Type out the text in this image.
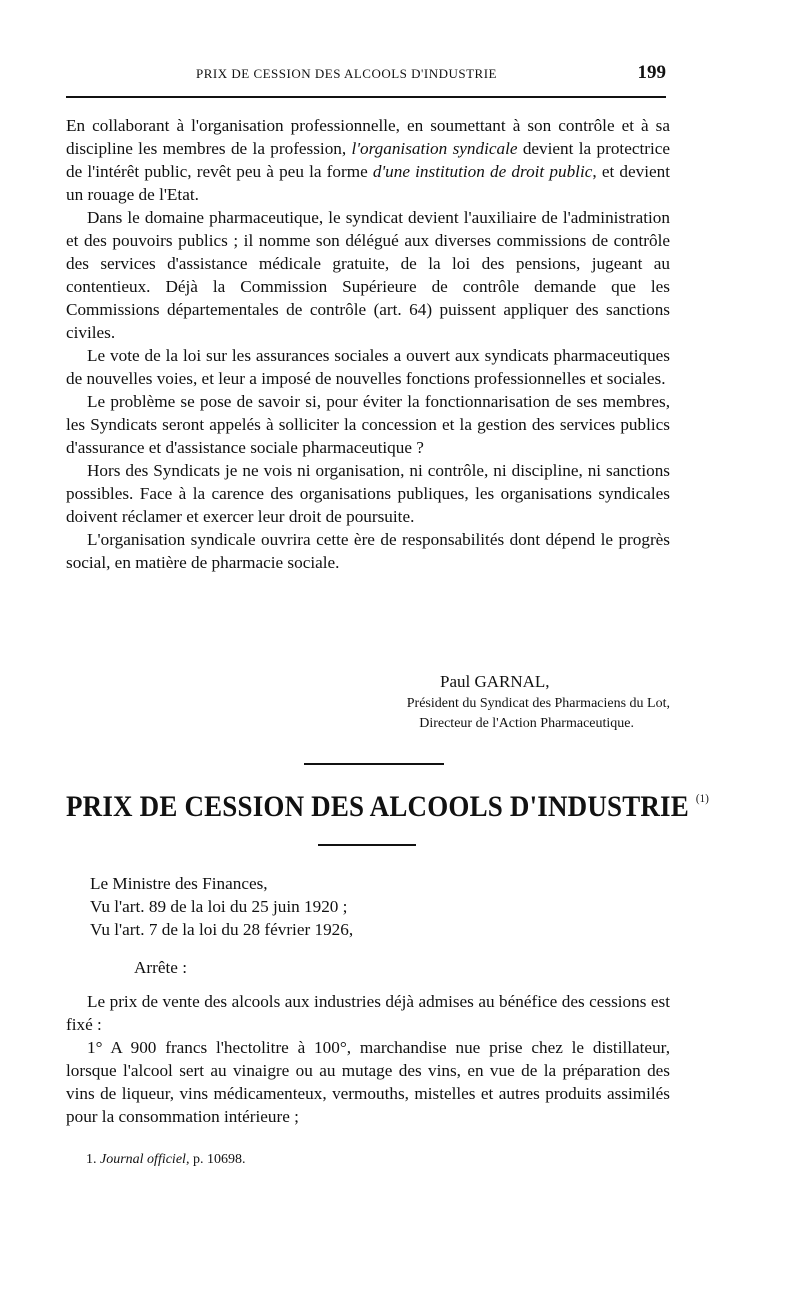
PRIX DE CESSION DES ALCOOLS D'INDUSTRIE	199

En collaborant à l'organisation professionnelle, en soumettant à son contrôle et à sa discipline les membres de la profession, l'organisation syndicale devient la protectrice de l'intérêt public, revêt peu à peu la forme d'une institution de droit public, et devient un rouage de l'Etat.

Dans le domaine pharmaceutique, le syndicat devient l'auxiliaire de l'administration et des pouvoirs publics ; il nomme son délégué aux diverses commissions de contrôle des services d'assistance médicale gratuite, de la loi des pensions, jugeant au contentieux. Déjà la Commission Supérieure de contrôle demande que les Commissions départementales de contrôle (art. 64) puissent appliquer des sanctions civiles.

Le vote de la loi sur les assurances sociales a ouvert aux syndicats pharmaceutiques de nouvelles voies, et leur a imposé de nouvelles fonctions professionnelles et sociales.

Le problème se pose de savoir si, pour éviter la fonctionnarisation de ses membres, les Syndicats seront appelés à solliciter la concession et la gestion des services publics d'assurance et d'assistance sociale pharmaceutique ?

Hors des Syndicats je ne vois ni organisation, ni contrôle, ni discipline, ni sanctions possibles. Face à la carence des organisations publiques, les organisations syndicales doivent réclamer et exercer leur droit de poursuite.

L'organisation syndicale ouvrira cette ère de responsabilités dont dépend le progrès social, en matière de pharmacie sociale.

Paul GARNAL,
Président du Syndicat des Pharmaciens du Lot,
Directeur de l'Action Pharmaceutique.
PRIX DE CESSION DES ALCOOLS D'INDUSTRIE $^{(1)}$
Le Ministre des Finances,
Vu l'art. 89 de la loi du 25 juin 1920 ;
Vu l'art. 7 de la loi du 28 février 1926,
Arrête :

Le prix de vente des alcools aux industries déjà admises au bénéfice des cessions est fixé :

1° A 900 francs l'hectolitre à 100°, marchandise nue prise chez le distillateur, lorsque l'alcool sert au vinaigre ou au mutage des vins, en vue de la préparation des vins de liqueur, vins médicamenteux, vermouths, mistelles et autres produits assimilés pour la consommation intérieure ;

1. Journal officiel, p. 10698.
